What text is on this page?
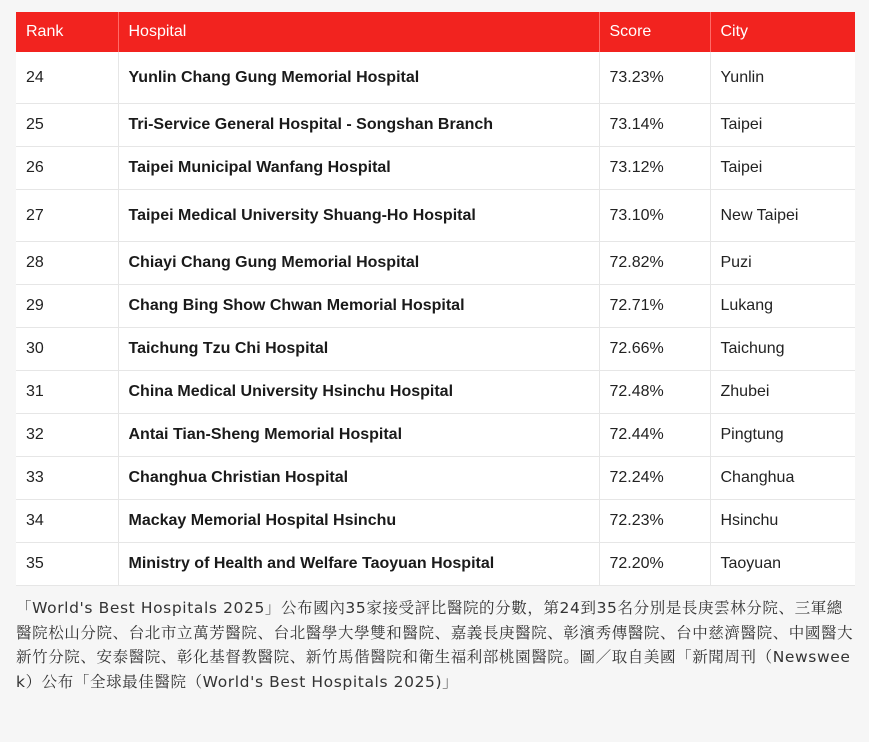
Rank	Hospital	Score	City
24	Yunlin Chang Gung Memorial Hospital	73.23%	Yunlin
25	Tri-Service General Hospital - Songshan Branch	73.14%	Taipei
26	Taipei Municipal Wanfang Hospital	73.12%	Taipei
27	Taipei Medical University Shuang-Ho Hospital	73.10%	New Taipei
28	Chiayi Chang Gung Memorial Hospital	72.82%	Puzi
29	Chang Bing Show Chwan Memorial Hospital	72.71%	Lukang
30	Taichung Tzu Chi Hospital	72.66%	Taichung
31	China Medical University Hsinchu Hospital	72.48%	Zhubei
32	Antai Tian-Sheng Memorial Hospital	72.44%	Pingtung
33	Changhua Christian Hospital	72.24%	Changhua
34	Mackay Memorial Hospital Hsinchu	72.23%	Hsinchu
35	Ministry of Health and Welfare Taoyuan Hospital	72.20%	Taoyuan
「World's Best Hospitals 2025」公布國內35家接受評比醫院的分數，第24到35名分別是長庚雲林分院、三軍總醫院松山分院、台北市立萬芳醫院、台北醫學大學雙和醫院、嘉義長庚醫院、彰濱秀傳醫院、台中慈濟醫院、中國醫大新竹分院、安泰醫院、彰化基督教醫院、新竹馬偕醫院和衛生福利部桃園醫院。圖／取自美國「新聞周刊（Newsweek）公布「全球最佳醫院（World's Best Hospitals 2025)」
